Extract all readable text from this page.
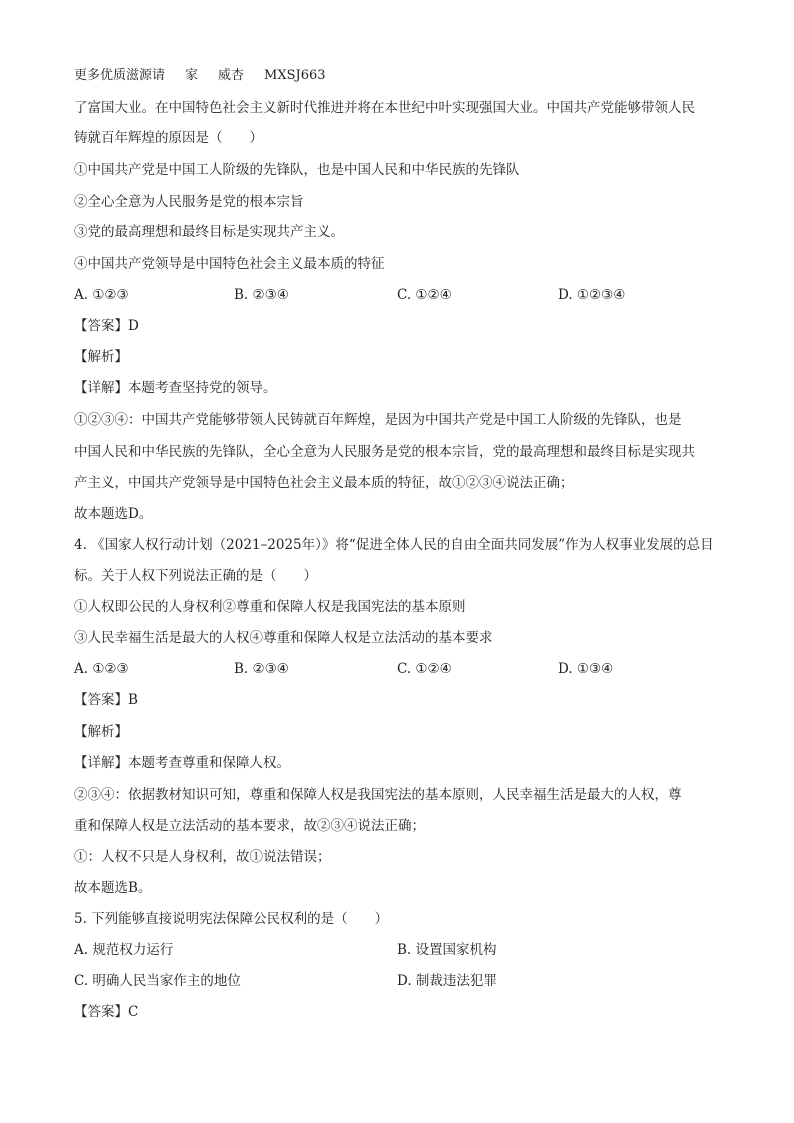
更多优质滋源请 家 威杏 MXSJ663
了富国大业。在中国特色社会主义新时代推进并将在本世纪中叶实现强国大业。中国共产党能够带领人民
铸就百年辉煌的原因是（　　）
①中国共产党是中国工人阶级的先锋队，也是中国人民和中华民族的先锋队
②全心全意为人民服务是党的根本宗旨
③党的最高理想和最终目标是实现共产主义。
④中国共产党领导是中国特色社会主义最本质的特征
A. ①②③	B. ②③④	C. ①②④	D. ①②③④
【答案】D
【解析】
【详解】本题考查坚持党的领导。
①②③④：中国共产党能够带领人民铸就百年辉煌，是因为中国共产党是中国工人阶级的先锋队，也是
中国人民和中华民族的先锋队，全心全意为人民服务是党的根本宗旨，党的最高理想和最终目标是实现共
产主义，中国共产党领导是中国特色社会主义最本质的特征，故①②③④说法正确；
故本题选D。
4. 《国家人权行动计划（2021–2025年）》将“促进全体人民的自由全面共同发展”作为人权事业发展的总目
标。关于人权下列说法正确的是（　　）
①人权即公民的人身权利②尊重和保障人权是我国宪法的基本原则
③人民幸福生活是最大的人权④尊重和保障人权是立法活动的基本要求
A. ①②③	B. ②③④	C. ①②④	D. ①③④
【答案】B
【解析】
【详解】本题考查尊重和保障人权。
②③④：依据教材知识可知，尊重和保障人权是我国宪法的基本原则，人民幸福生活是最大的人权，尊
重和保障人权是立法活动的基本要求，故②③④说法正确；
①：人权不只是人身权利，故①说法错误；
故本题选B。
5. 下列能够直接说明宪法保障公民权利的是（　　）
A. 规范权力运行	B. 设置国家机构
C. 明确人民当家作主的地位	D. 制裁违法犯罪
【答案】C
